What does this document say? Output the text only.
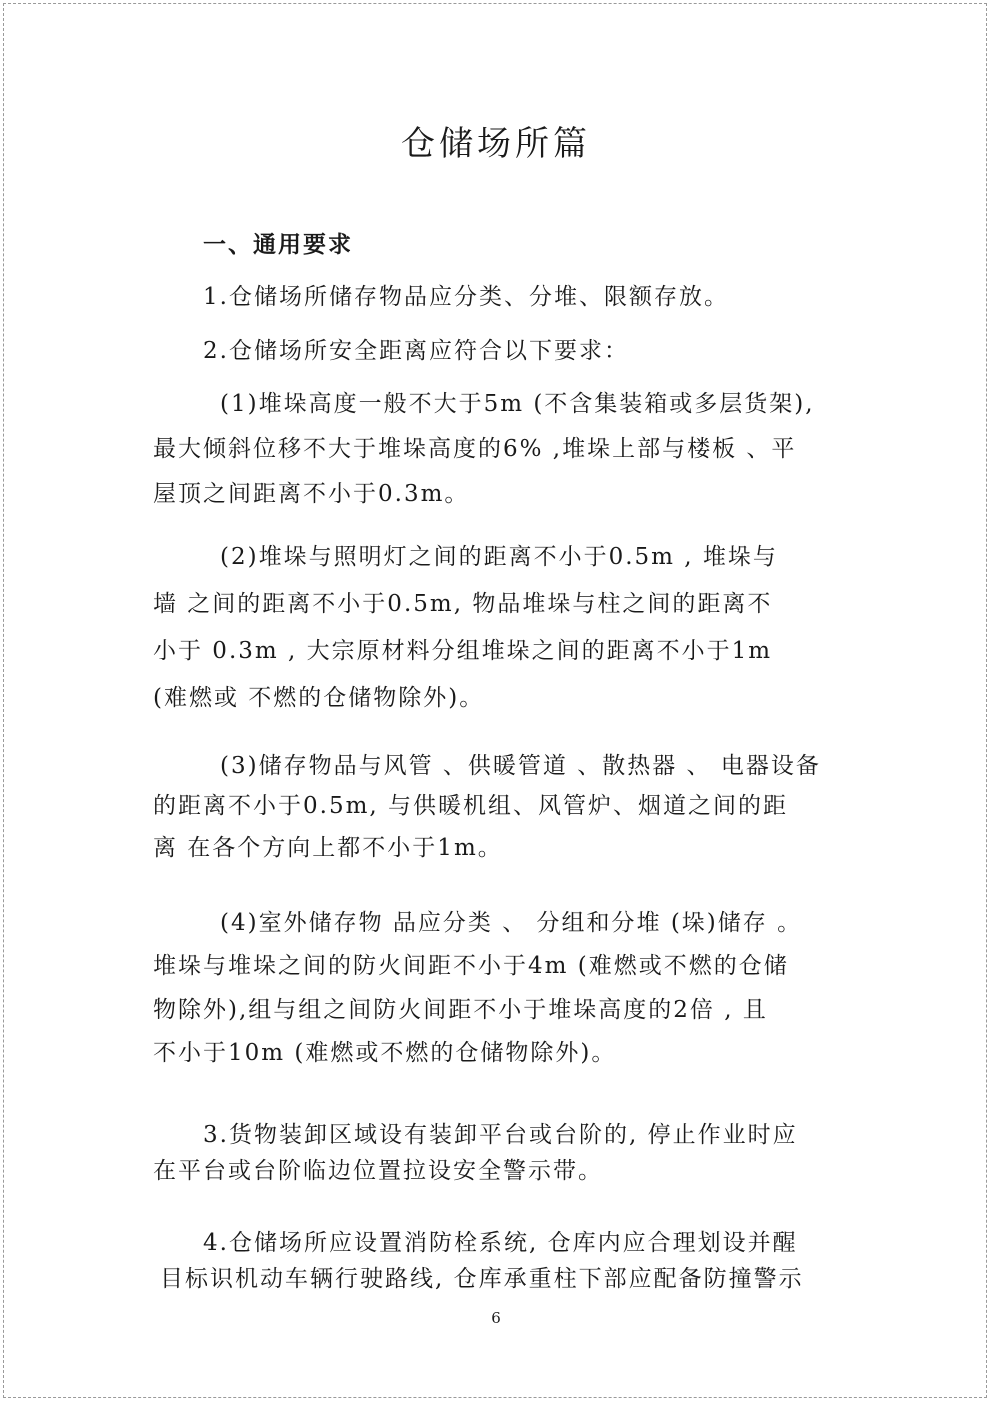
仓储场所篇
一、通用要求
1.仓储场所储存物品应分类、分堆、限额存放。
2.仓储场所安全距离应符合以下要求：
(1)堆垛高度一般不大于5m (不含集装箱或多层货架),
最大倾斜位移不大于堆垛高度的6% ,堆垛上部与楼板 、平
屋顶之间距离不小于0.3m。
(2)堆垛与照明灯之间的距离不小于0.5m , 堆垛与
墙 之间的距离不小于0.5m, 物品堆垛与柱之间的距离不
小于 0.3m , 大宗原材料分组堆垛之间的距离不小于1m
(难燃或 不燃的仓储物除外)。
(3)储存物品与风管 、供暖管道 、散热器 、 电器设备
的距离不小于0.5m, 与供暖机组、风管炉、烟道之间的距
离 在各个方向上都不小于1m。
(4)室外储存物 品应分类 、 分组和分堆 (垛)储存 。
堆垛与堆垛之间的防火间距不小于4m (难燃或不燃的仓储
物除外),组与组之间防火间距不小于堆垛高度的2倍 , 且
不小于10m (难燃或不燃的仓储物除外)。
3.货物装卸区域设有装卸平台或台阶的, 停止作业时应
在平台或台阶临边位置拉设安全警示带。
4.仓储场所应设置消防栓系统, 仓库内应合理划设并醒
目标识机动车辆行驶路线, 仓库承重柱下部应配备防撞警示
6
